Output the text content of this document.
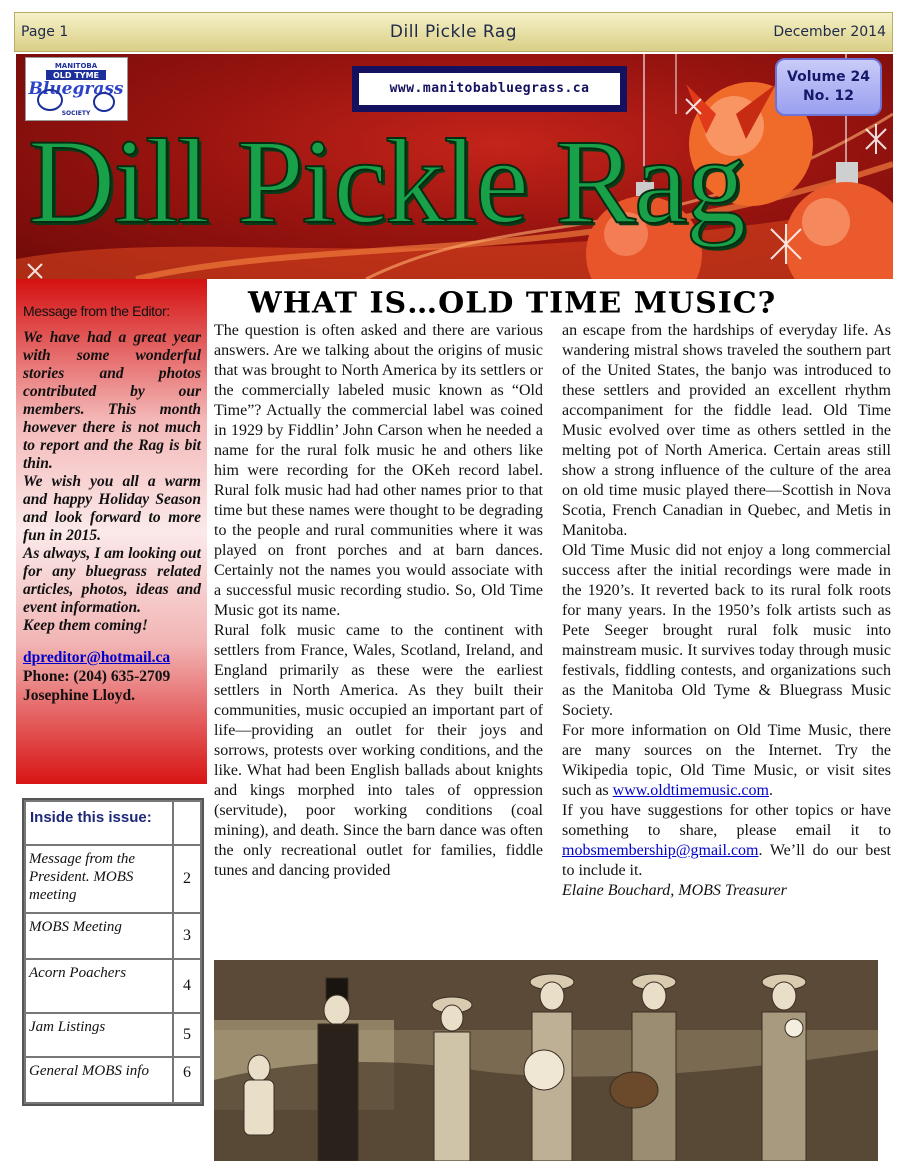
Page 1	Dill Pickle Rag	December 2014
MANITOBA
OLD TYME
Bluegrass
SOCIETY
www.manitobabluegrass.ca
Volume 24
No. 12
Dill Pickle Rag
Message from the Editor:
We have had a great year with some wonderful stories and photos contributed by our members. This month however there is not much to report and the Rag is bit thin.
We wish you all a warm and happy Holiday Season and look forward to more fun in 2015.
As always, I am looking out for any bluegrass related articles, photos, ideas and event information.
Keep them coming!
dpreditor@hotmail.ca
Phone: (204) 635-2709
Josephine Lloyd.
Inside this issue:	
Message from the President. MOBS meeting	2
MOBS Meeting	3
Acorn Poachers	4
Jam Listings	5
General MOBS info	6
WHAT IS…OLD TIME MUSIC?

The question is often asked and there are various answers. Are we talking about the origins of music that was brought to North America by its settlers or the commercially labeled music known as “Old Time”? Actually the commercial label was coined in 1929 by Fiddlin’ John Carson when he needed a name for the rural folk music he and others like him were recording for the OKeh record label. Rural folk music had had other names prior to that time but these names were thought to be degrading to the people and rural communities where it was played on front porches and at barn dances. Certainly not the names you would associate with a successful music recording studio. So, Old Time Music got its name.

Rural folk music came to the continent with settlers from France, Wales, Scotland, Ireland, and England primarily as these were the earliest settlers in North America. As they built their communities, music occupied an important part of life—providing an outlet for their joys and sorrows, protests over working conditions, and the like. What had been English ballads about knights and kings morphed into tales of oppression (servitude), poor working conditions (coal mining), and death. Since the barn dance was often the only recreational outlet for families, fiddle tunes and dancing provided

an escape from the hardships of everyday life. As wandering mistral shows traveled the southern part of the United States, the banjo was introduced to these settlers and provided an excellent rhythm accompaniment for the fiddle lead. Old Time Music evolved over time as others settled in the melting pot of North America. Certain areas still show a strong influence of the culture of the area on old time music played there—Scottish in Nova Scotia, French Canadian in Quebec, and Metis in Manitoba.

Old Time Music did not enjoy a long commercial success after the initial recordings were made in the 1920’s. It reverted back to its rural folk roots for many years. In the 1950’s folk artists such as Pete Seeger brought rural folk music into mainstream music. It survives today through music festivals, fiddling contests, and organizations such as the Manitoba Old Tyme & Bluegrass Music Society.

For more information on Old Time Music, there are many sources on the Internet. Try the Wikipedia topic, Old Time Music, or visit sites such as www.oldtimemusic.com.

If you have suggestions for other topics or have something to share, please email it to mobsmembership@gmail.com. We’ll do our best to include it.

Elaine Bouchard, MOBS Treasurer
